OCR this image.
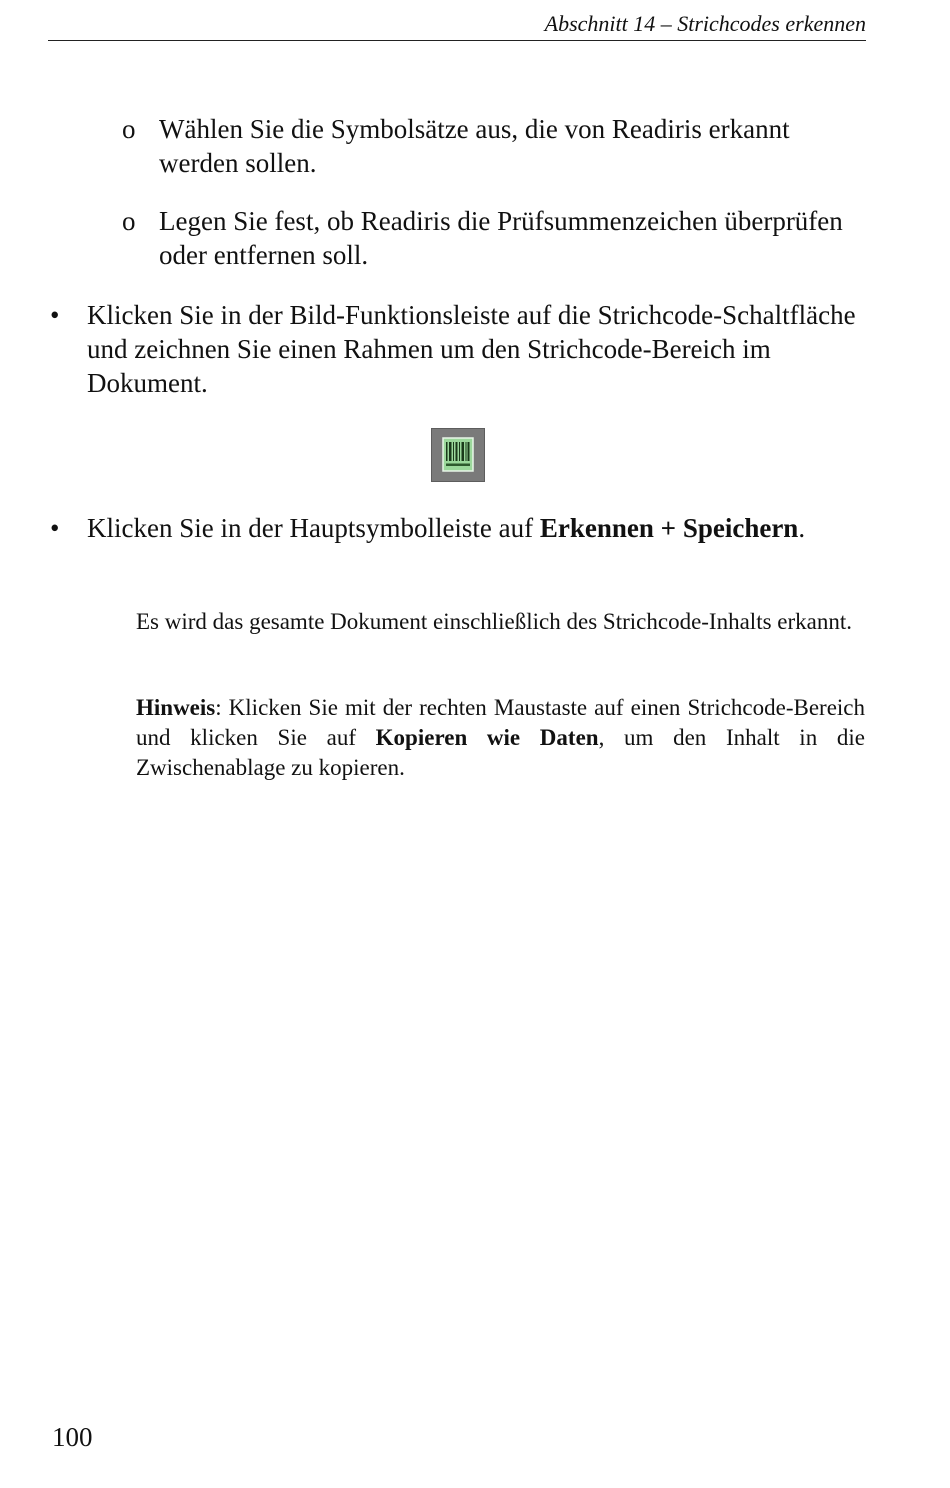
Abschnitt 14 – Strichcodes erkennen
o Wählen Sie die Symbolsätze aus, die von Readiris erkannt werden sollen.
o Legen Sie fest, ob Readiris die Prüfsummenzeichen überprüfen oder entfernen soll.
•	Klicken Sie in der Bild-Funktionsleiste auf die Strichcode-Schaltfläche und zeichnen Sie einen Rahmen um den Strichcode-Bereich im Dokument.
•	Klicken Sie in der Hauptsymbolleiste auf Erkennen + Speichern.
Es wird das gesamte Dokument einschließlich des Strichcode-Inhalts erkannt.
Hinweis: Klicken Sie mit der rechten Maustaste auf einen Strichcode-Bereich und klicken Sie auf Kopieren wie Daten, um den Inhalt in die Zwischenablage zu kopieren.
100
